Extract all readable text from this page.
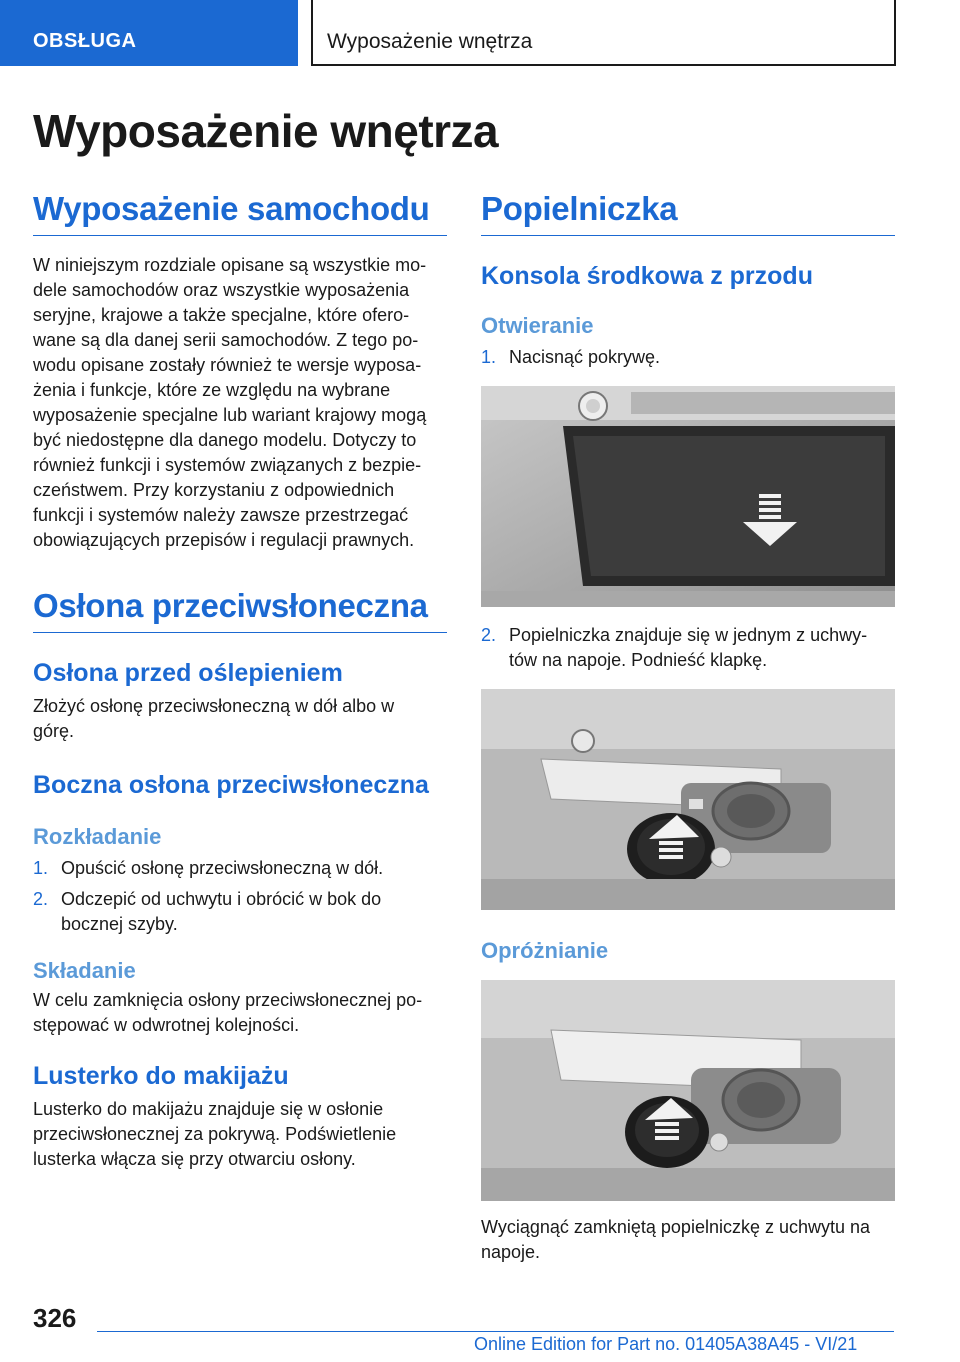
OBSŁUGA	Wyposażenie wnętrza
Wyposażenie wnętrza
Wyposażenie samochodu
W niniejszym rozdziale opisane są wszystkie mo-
dele samochodów oraz wszystkie wyposażenia
seryjne, krajowe a także specjalne, które ofero-
wane są dla danej serii samochodów. Z tego po-
wodu opisane zostały również te wersje wyposa-
żenia i funkcje, które ze względu na wybrane
wyposażenie specjalne lub wariant krajowy mogą
być niedostępne dla danego modelu. Dotyczy to
również funkcji i systemów związanych z bezpie-
czeństwem. Przy korzystaniu z odpowiednich
funkcji i systemów należy zawsze przestrzegać
obowiązujących przepisów i regulacji prawnych.
Osłona przeciwsłoneczna
Osłona przed oślepieniem
Złożyć osłonę przeciwsłoneczną w dół albo w
górę.
Boczna osłona przeciwsłoneczna
Rozkładanie
1. Opuścić osłonę przeciwsłoneczną w dół.
2. Odczepić od uchwytu i obrócić w bok do
bocznej szyby.
Składanie
W celu zamknięcia osłony przeciwsłonecznej po-
stępować w odwrotnej kolejności.
Lusterko do makijażu
Lusterko do makijażu znajduje się w osłonie
przeciwsłonecznej za pokrywą. Podświetlenie
lusterka włącza się przy otwarciu osłony.
Popielniczka
Konsola środkowa z przodu
Otwieranie
1. Nacisnąć pokrywę.
2. Popielniczka znajduje się w jednym z uchwy-
tów na napoje. Podnieść klapkę.
Opróżnianie
Wyciągnąć zamkniętą popielniczkę z uchwytu na
napoje.
326
Online Edition for Part no. 01405A38A45 - VI/21
